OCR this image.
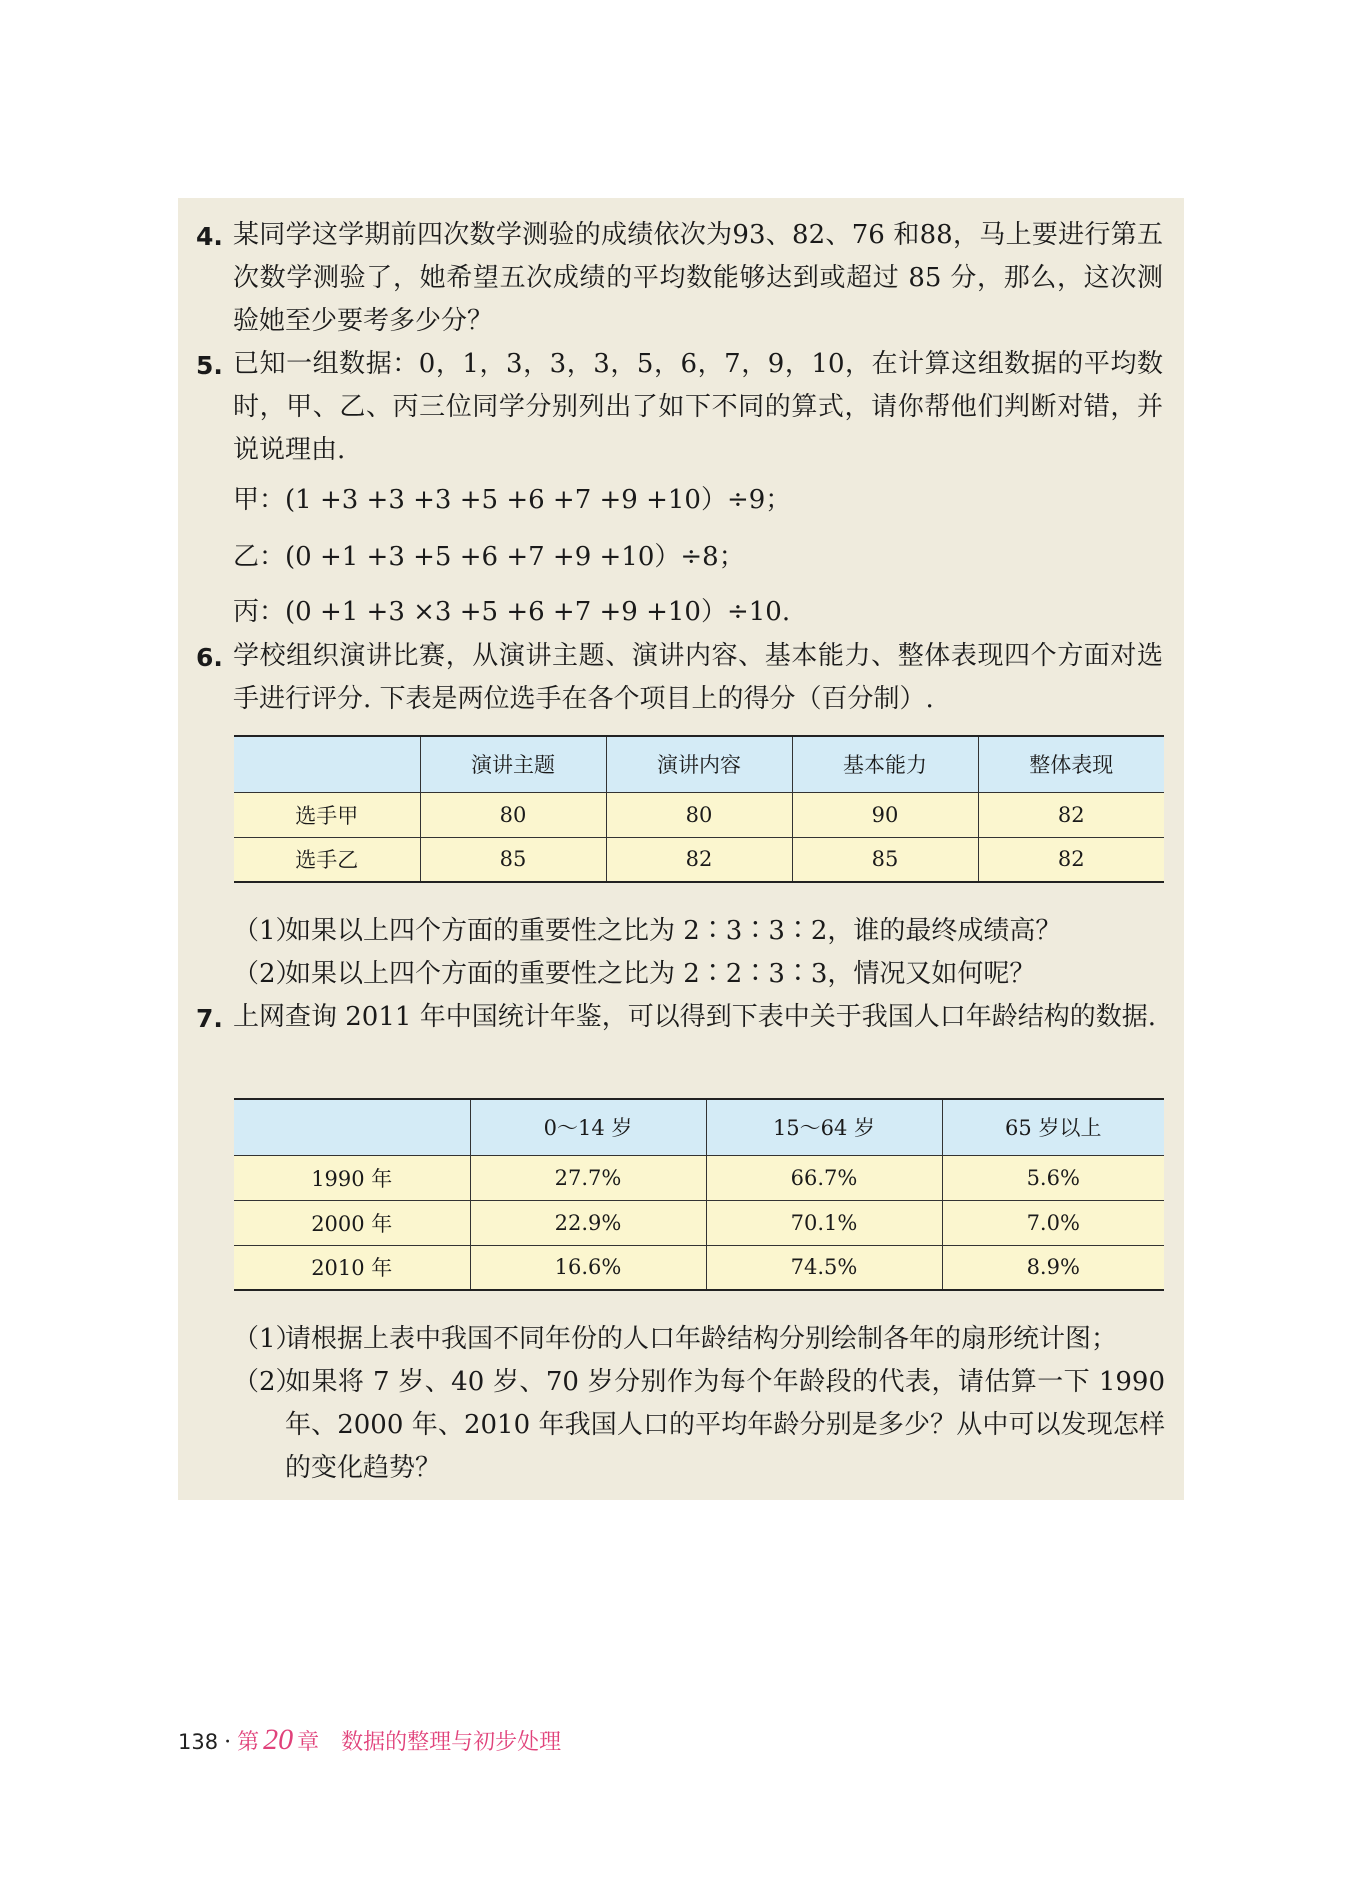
4. 某同学这学期前四次数学测验的成绩依次为93、82、76 和88，马上要进行第五次数学测验了，她希望五次成绩的平均数能够达到或超过 85 分，那么，这次测验她至少要考多少分？
5. 已知一组数据：0，1，3，3，3，5，6，7，9，10，在计算这组数据的平均数时，甲、乙、丙三位同学分别列出了如下不同的算式，请你帮他们判断对错，并说说理由.
甲：(1 +3 +3 +3 +5 +6 +7 +9 +10）÷9；
乙：(0 +1 +3 +5 +6 +7 +9 +10）÷8；
丙：(0 +1 +3 ×3 +5 +6 +7 +9 +10）÷10.
6. 学校组织演讲比赛，从演讲主题、演讲内容、基本能力、整体表现四个方面对选手进行评分. 下表是两位选手在各个项目上的得分（百分制）.
	演讲主题	演讲内容	基本能力	整体表现
选手甲	80	80	90	82
选手乙	85	82	85	82
（1）
如果以上四个方面的重要性之比为 2∶3∶3∶2，谁的最终成绩高？
（2）
如果以上四个方面的重要性之比为 2∶2∶3∶3，情况又如何呢？
7. 上网查询 2011 年中国统计年鉴，可以得到下表中关于我国人口年龄结构的数据.
	0～14 岁	15～64 岁	65 岁以上
1990 年	27.7%	66.7%	5.6%
2000 年	22.9%	70.1%	7.0%
2010 年	16.6%	74.5%	8.9%
（1）
请根据上表中我国不同年份的人口年龄结构分别绘制各年的扇形统计图；
（2）
如果将 7 岁、40 岁、70 岁分别作为每个年龄段的代表，请估算一下 1990 年、2000 年、2010 年我国人口的平均年龄分别是多少？从中可以发现怎样的变化趋势？
138 · 第 20 章 数据的整理与初步处理
